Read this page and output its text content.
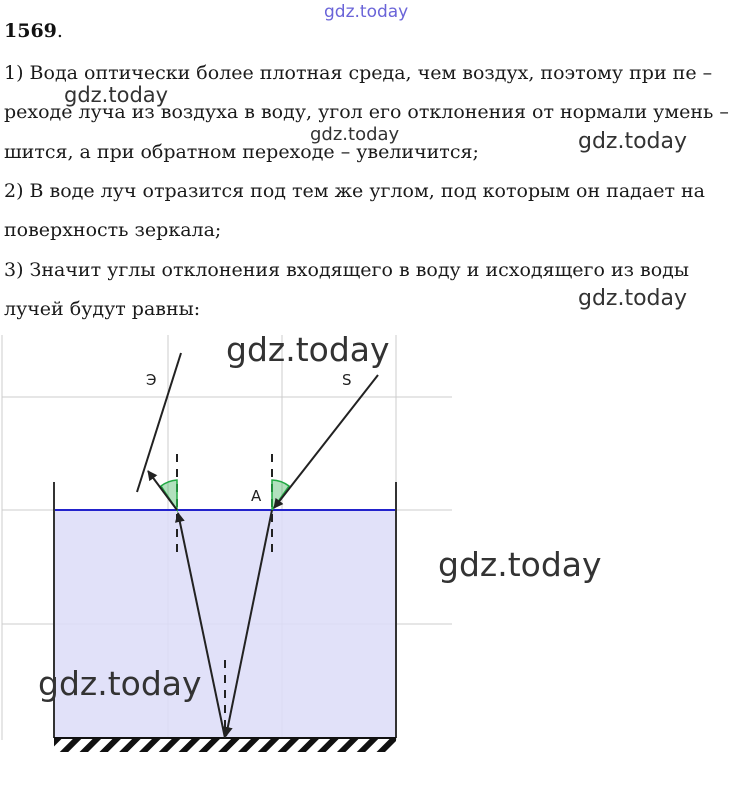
gdz.today
1569.
1) Вода оптически более плотная среда, чем воздух, поэтому при пе –
реходе луча из воздуха в воду, угол его отклонения от нормали умень –
шится, а при обратном переходе – увеличится;
2) В воде луч отразится под тем же углом, под которым он падает на
поверхность зеркала;
3) Значит углы отклонения входящего в воду и исходящего из воды
лучей будут равны:
gdz.today
gdz.today	gdz.today
gdz.today
Э	S
A
gdz.today
gdz.today
gdz.today
